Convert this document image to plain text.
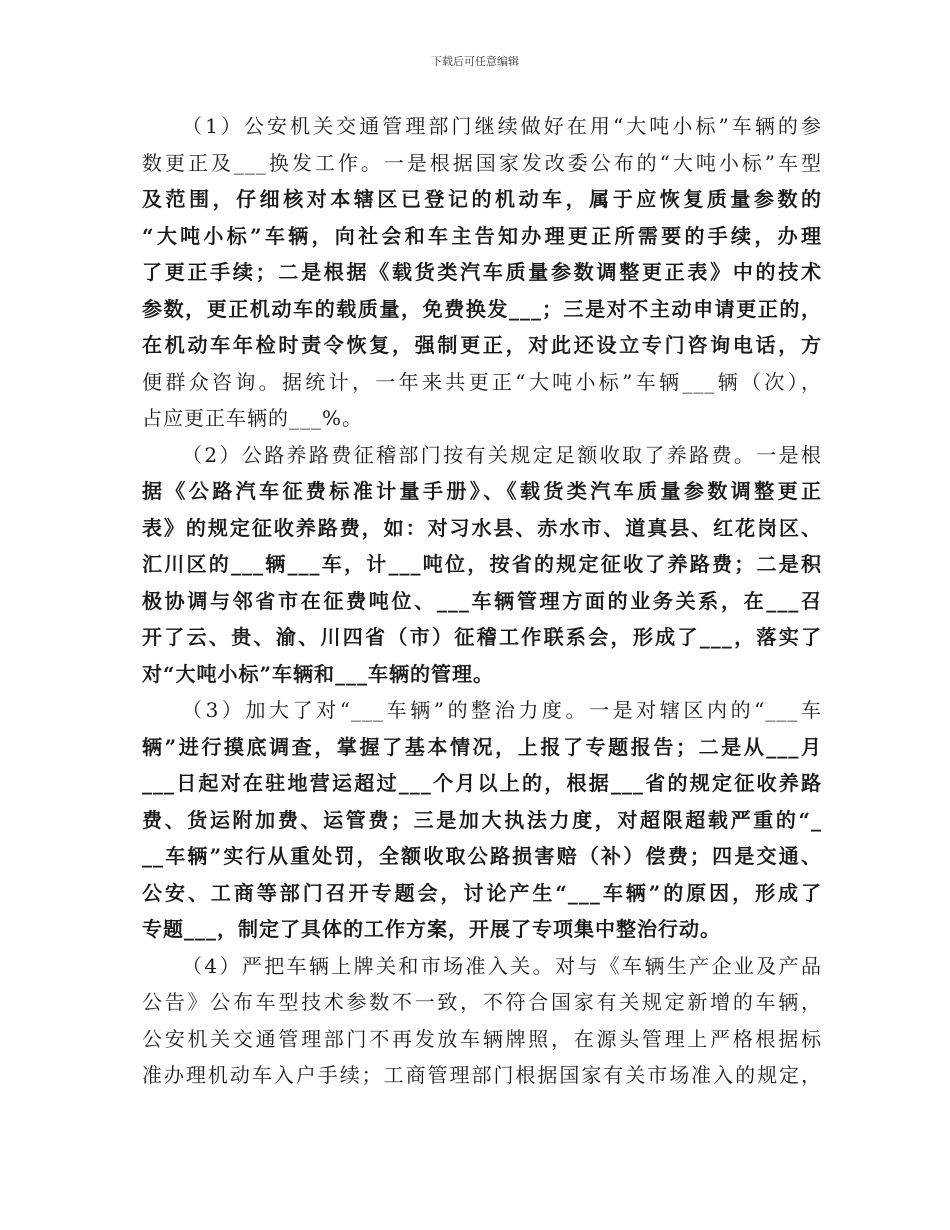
下载后可任意编辑
（1）公安机关交通管理部门继续做好在用“大吨小标”车辆的参
数更正及___换发工作。一是根据国家发改委公布的“大吨小标”车型
及范围，仔细核对本辖区已登记的机动车，属于应恢复质量参数的
“大吨小标”车辆，向社会和车主告知办理更正所需要的手续，办理
了更正手续；二是根据《载货类汽车质量参数调整更正表》中的技术
参数，更正机动车的载质量，免费换发___；三是对不主动申请更正的，
在机动车年检时责令恢复，强制更正，对此还设立专门咨询电话，方
便群众咨询。据统计，一年来共更正“大吨小标”车辆___辆（次），
占应更正车辆的___%。
（2）公路养路费征稽部门按有关规定足额收取了养路费。一是根
据《公路汽车征费标准计量手册》、《载货类汽车质量参数调整更正
表》的规定征收养路费，如：对习水县、赤水市、道真县、红花岗区、
汇川区的___辆___车，计___吨位，按省的规定征收了养路费；二是积
极协调与邻省市在征费吨位、___车辆管理方面的业务关系，在___召
开了云、贵、渝、川四省（市）征稽工作联系会，形成了___，落实了
对“大吨小标”车辆和___车辆的管理。
（3）加大了对“___车辆”的整治力度。一是对辖区内的“___车
辆”进行摸底调查，掌握了基本情况，上报了专题报告；二是从___月
___日起对在驻地营运超过___个月以上的，根据___省的规定征收养路
费、货运附加费、运管费；三是加大执法力度，对超限超载严重的“_
__车辆”实行从重处罚，全额收取公路损害赔（补）偿费；四是交通、
公安、工商等部门召开专题会，讨论产生“___车辆”的原因，形成了
专题___，制定了具体的工作方案，开展了专项集中整治行动。
（4）严把车辆上牌关和市场准入关。对与《车辆生产企业及产品
公告》公布车型技术参数不一致，不符合国家有关规定新增的车辆，
公安机关交通管理部门不再发放车辆牌照，在源头管理上严格根据标
准办理机动车入户手续；工商管理部门根据国家有关市场准入的规定，
